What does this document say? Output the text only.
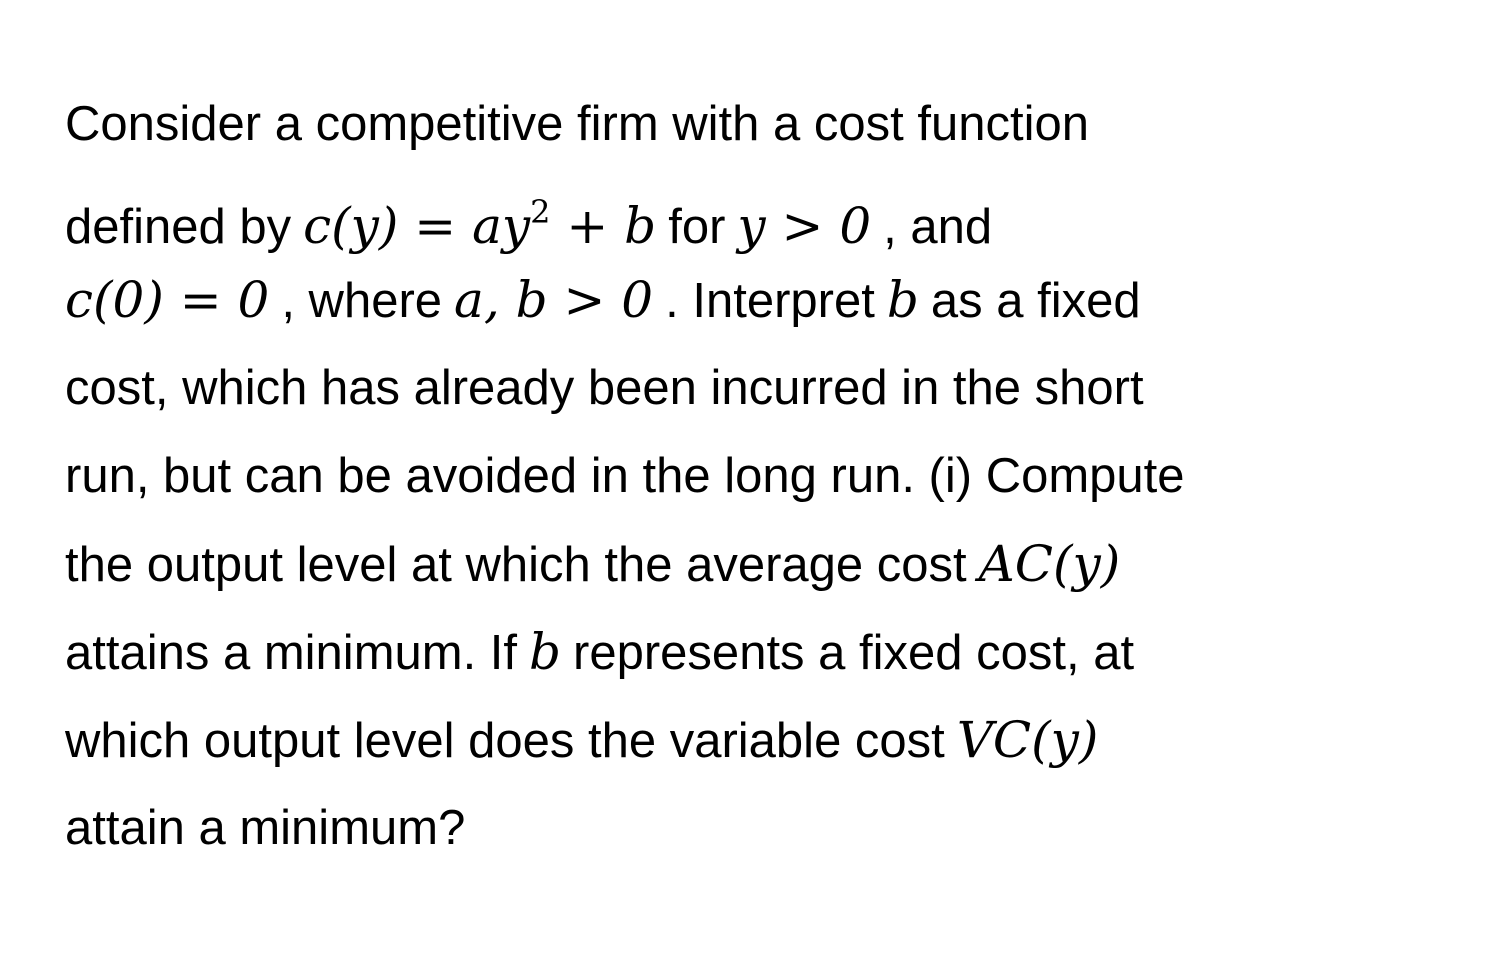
Consider a competitive firm with a cost function
defined by $c(y) = ay^2 + b$ for y > 0 , and
c(0) = 0 , where a, b > 0 . Interpret b as a fixed
cost, which has already been incurred in the short
run, but can be avoided in the long run. (i) Compute
the output level at which the average cost AC(y)
attains a minimum. If b represents a fixed cost, at
which output level does the variable cost VC(y)
attain a minimum?
